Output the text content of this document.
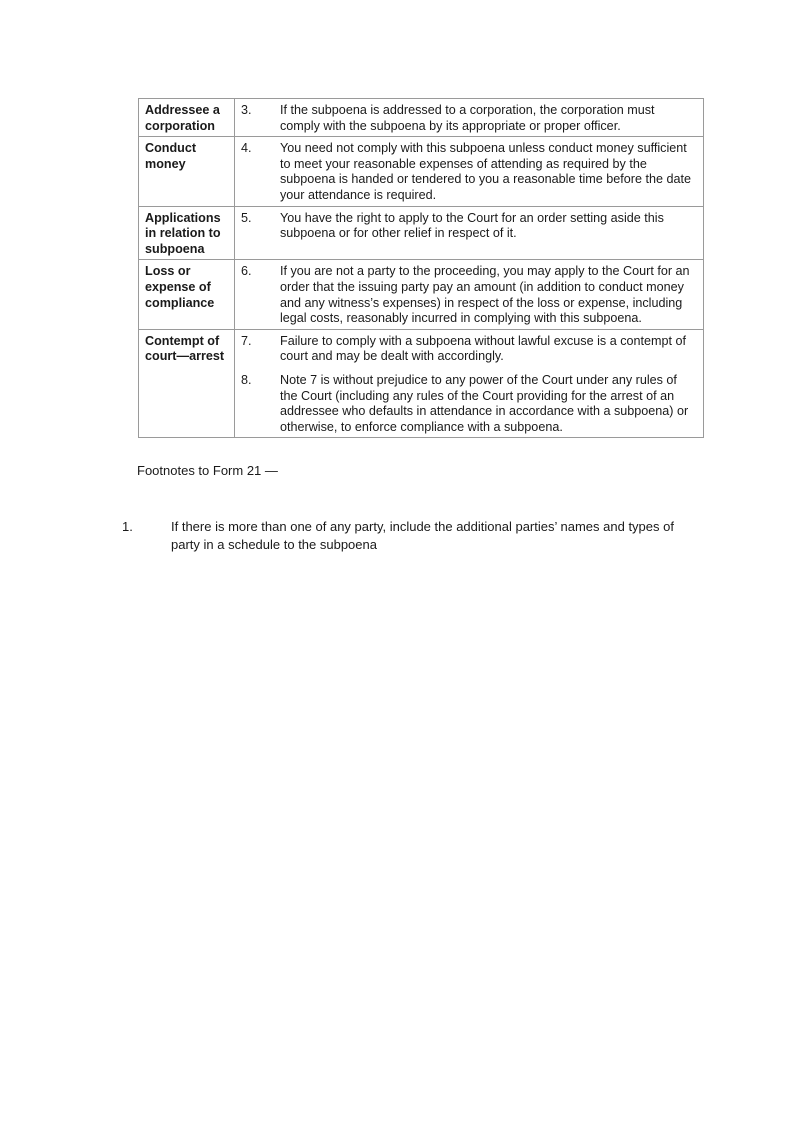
Addressee a corporation	3. If the subpoena is addressed to a corporation, the corporation must comply with the subpoena by its appropriate or proper officer.

Conduct money	4. You need not comply with this subpoena unless conduct money sufficient to meet your reasonable expenses of attending as required by the subpoena is handed or tendered to you a reasonable time before the date your attendance is required.

Applications in relation to subpoena	5. You have the right to apply to the Court for an order setting aside this subpoena or for other relief in respect of it.

Loss or expense of compliance	6. If you are not a party to the proceeding, you may apply to the Court for an order that the issuing party pay an amount (in addition to conduct money and any witness’s expenses) in respect of the loss or expense, including legal costs, reasonably incurred in complying with this subpoena.

Contempt of court—arrest	7. Failure to comply with a subpoena without lawful excuse is a contempt of court and may be dealt with accordingly.
8. Note 7 is without prejudice to any power of the Court under any rules of the Court (including any rules of the Court providing for the arrest of an addressee who defaults in attendance in accordance with a subpoena) or otherwise, to enforce compliance with a subpoena.
Footnotes to Form 21 —
1.	If there is more than one of any party, include the additional parties’ names and types of party in a schedule to the subpoena
